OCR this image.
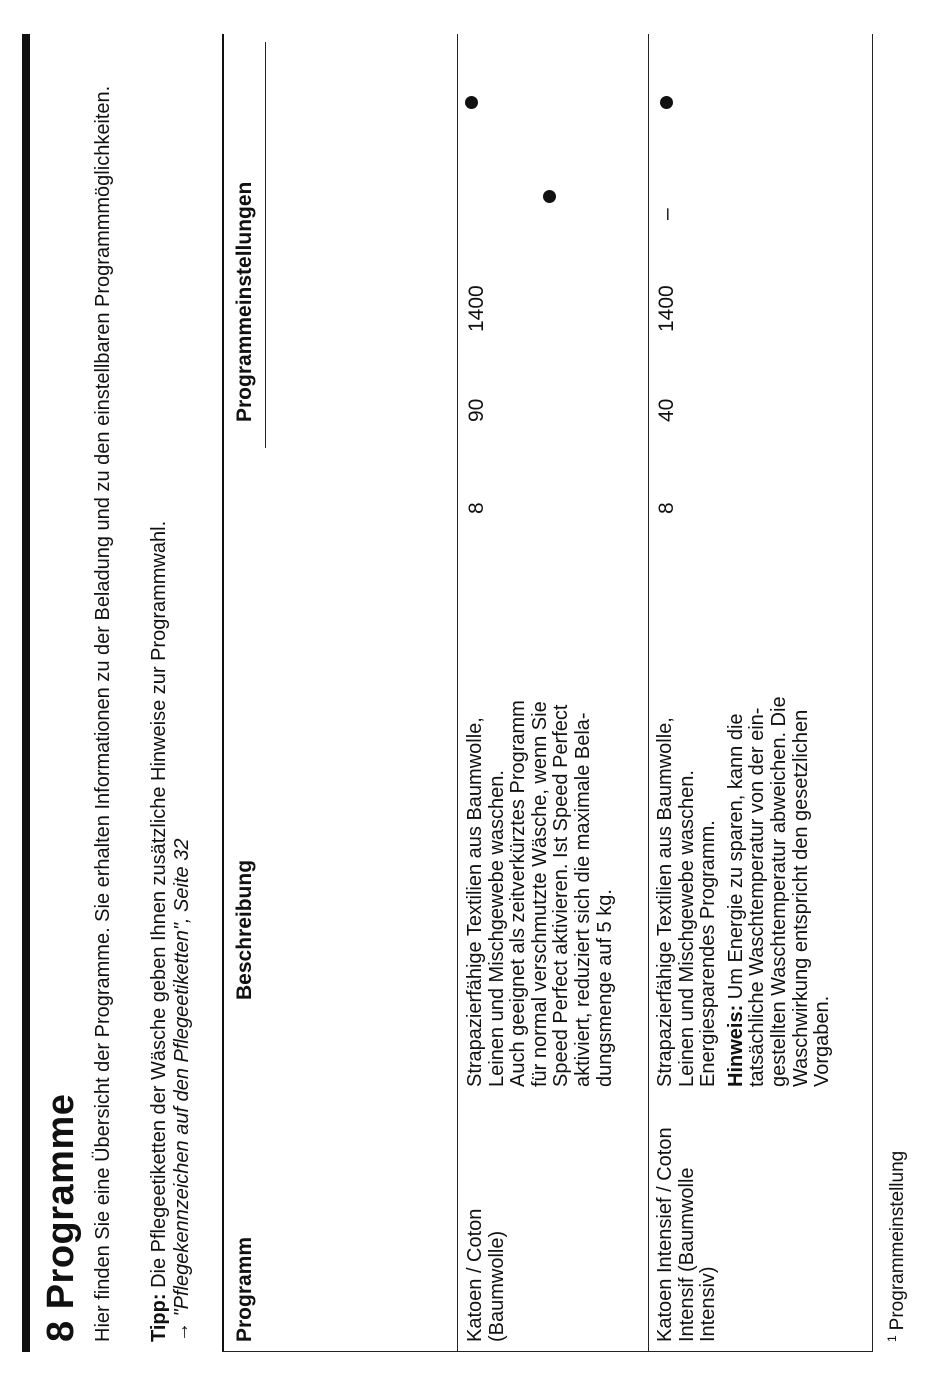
8 Programme Hier finden Sie eine Übersicht der Programme. Sie erhalten Informationen zu der Beladung und zu den einstellbaren Programmmöglichkeiten. Tipp: Die Pflegeetiketten der Wäsche geben Ihnen zusätzliche Hinweise zur Programmwahl.
→ "Pflegekennzeichen auf den Pflegeetiketten", Seite 32
Programm
Beschreibung
Programmeinstellungen
Katoen / Coton (Baumwolle)
Strapazierfähige Textilien aus Baumwolle, Leinen und Mischgewebe waschen. Auch geeignet als zeitverkürztes Programm für normal verschmutzte Wäsche, wenn Sie Speed Perfect aktivieren. Ist Speed Perfect aktiviert, reduziert sich die maximale Bela- dungsmenge auf 5 kg.
8
90
1400
Katoen Intensief / Coton Intensif (Baumwolle Intensiv)
Strapazierfähige Textilien aus Baumwolle, Leinen und Mischgewebe waschen. Energiesparendes Programm. Hinweis: Um Energie zu sparen, kann die tatsächliche Waschtemperatur von der ein- gestellten Waschtemperatur abweichen. Die Waschwirkung entspricht den gesetzlichen Vorgaben.
8
40
1400
–
$^1$Programmeinstellung
